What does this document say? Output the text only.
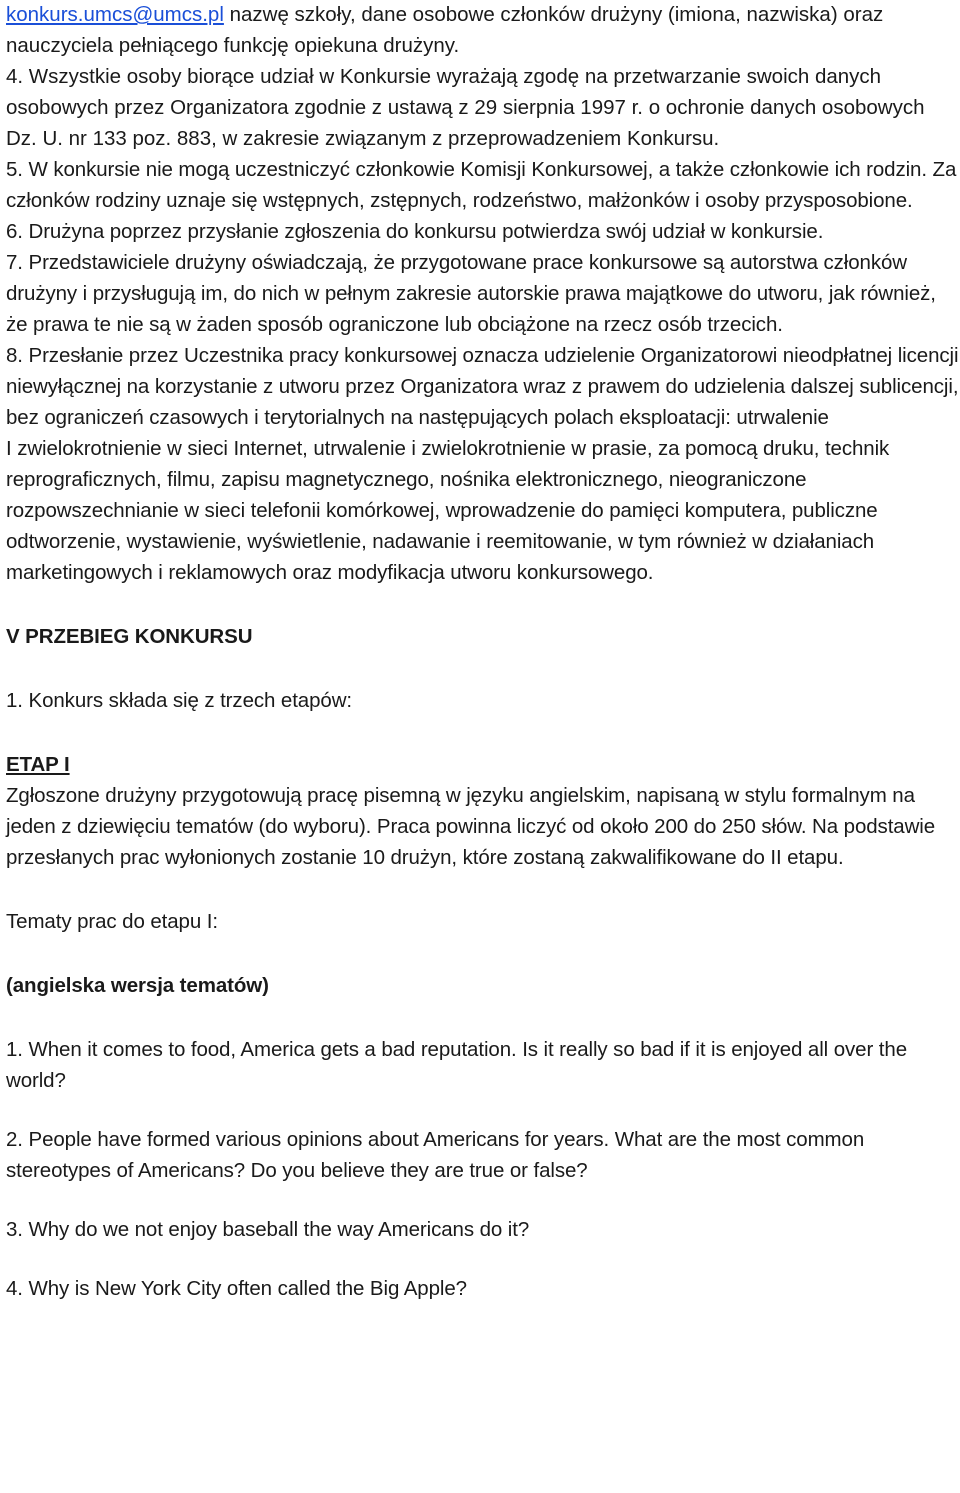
konkurs.umcs@umcs.pl nazwę szkoły, dane osobowe członków drużyny (imiona, nazwiska) oraz nauczyciela pełniącego funkcję opiekuna drużyny.

4. Wszystkie osoby biorące udział w Konkursie wyrażają zgodę na przetwarzanie swoich danych osobowych przez Organizatora zgodnie z ustawą z 29 sierpnia 1997 r. o ochronie danych osobowych Dz. U. nr 133 poz. 883, w zakresie związanym z przeprowadzeniem Konkursu.

5. W konkursie nie mogą uczestniczyć członkowie Komisji Konkursowej, a także członkowie ich rodzin. Za członków rodziny uznaje się wstępnych, zstępnych, rodzeństwo, małżonków i osoby przysposobione.

6. Drużyna poprzez przysłanie zgłoszenia do konkursu potwierdza swój udział w konkursie.

7. Przedstawiciele drużyny oświadczają, że przygotowane prace konkursowe są autorstwa członków drużyny i przysługują im, do nich w pełnym zakresie autorskie prawa majątkowe do utworu, jak również, że prawa te nie są w żaden sposób ograniczone lub obciążone na rzecz osób trzecich.

8. Przesłanie przez Uczestnika pracy konkursowej oznacza udzielenie Organizatorowi nieodpłatnej licencji niewyłącznej na korzystanie z utworu przez Organizatora wraz z prawem do udzielenia dalszej sublicencji, bez ograniczeń czasowych i terytorialnych na następujących polach eksploatacji: utrwalenie

I zwielokrotnienie w sieci Internet, utrwalenie i zwielokrotnienie w prasie, za pomocą druku, technik reprograficznych, filmu, zapisu magnetycznego, nośnika elektronicznego, nieograniczone rozpowszechnianie w sieci telefonii komórkowej, wprowadzenie do pamięci komputera, publiczne odtworzenie, wystawienie, wyświetlenie, nadawanie i reemitowanie, w tym również w działaniach marketingowych i reklamowych oraz modyfikacja utworu konkursowego.

V PRZEBIEG KONKURSU

1. Konkurs składa się z trzech etapów:

ETAP I

Zgłoszone drużyny przygotowują pracę pisemną w języku angielskim, napisaną w stylu formalnym na jeden z dziewięciu tematów (do wyboru). Praca powinna liczyć od około 200 do 250 słów. Na podstawie przesłanych prac wyłonionych zostanie 10 drużyn, które zostaną zakwalifikowane do II etapu.

Tematy prac do etapu I:

(angielska wersja tematów)

1. When it comes to food, America gets a bad reputation. Is it really so bad if it is enjoyed all over the world?

2. People have formed various opinions about Americans for years. What are the most common stereotypes of Americans? Do you believe they are true or false?

3. Why do we not enjoy baseball the way Americans do it?

4. Why is New York City often called the Big Apple?
